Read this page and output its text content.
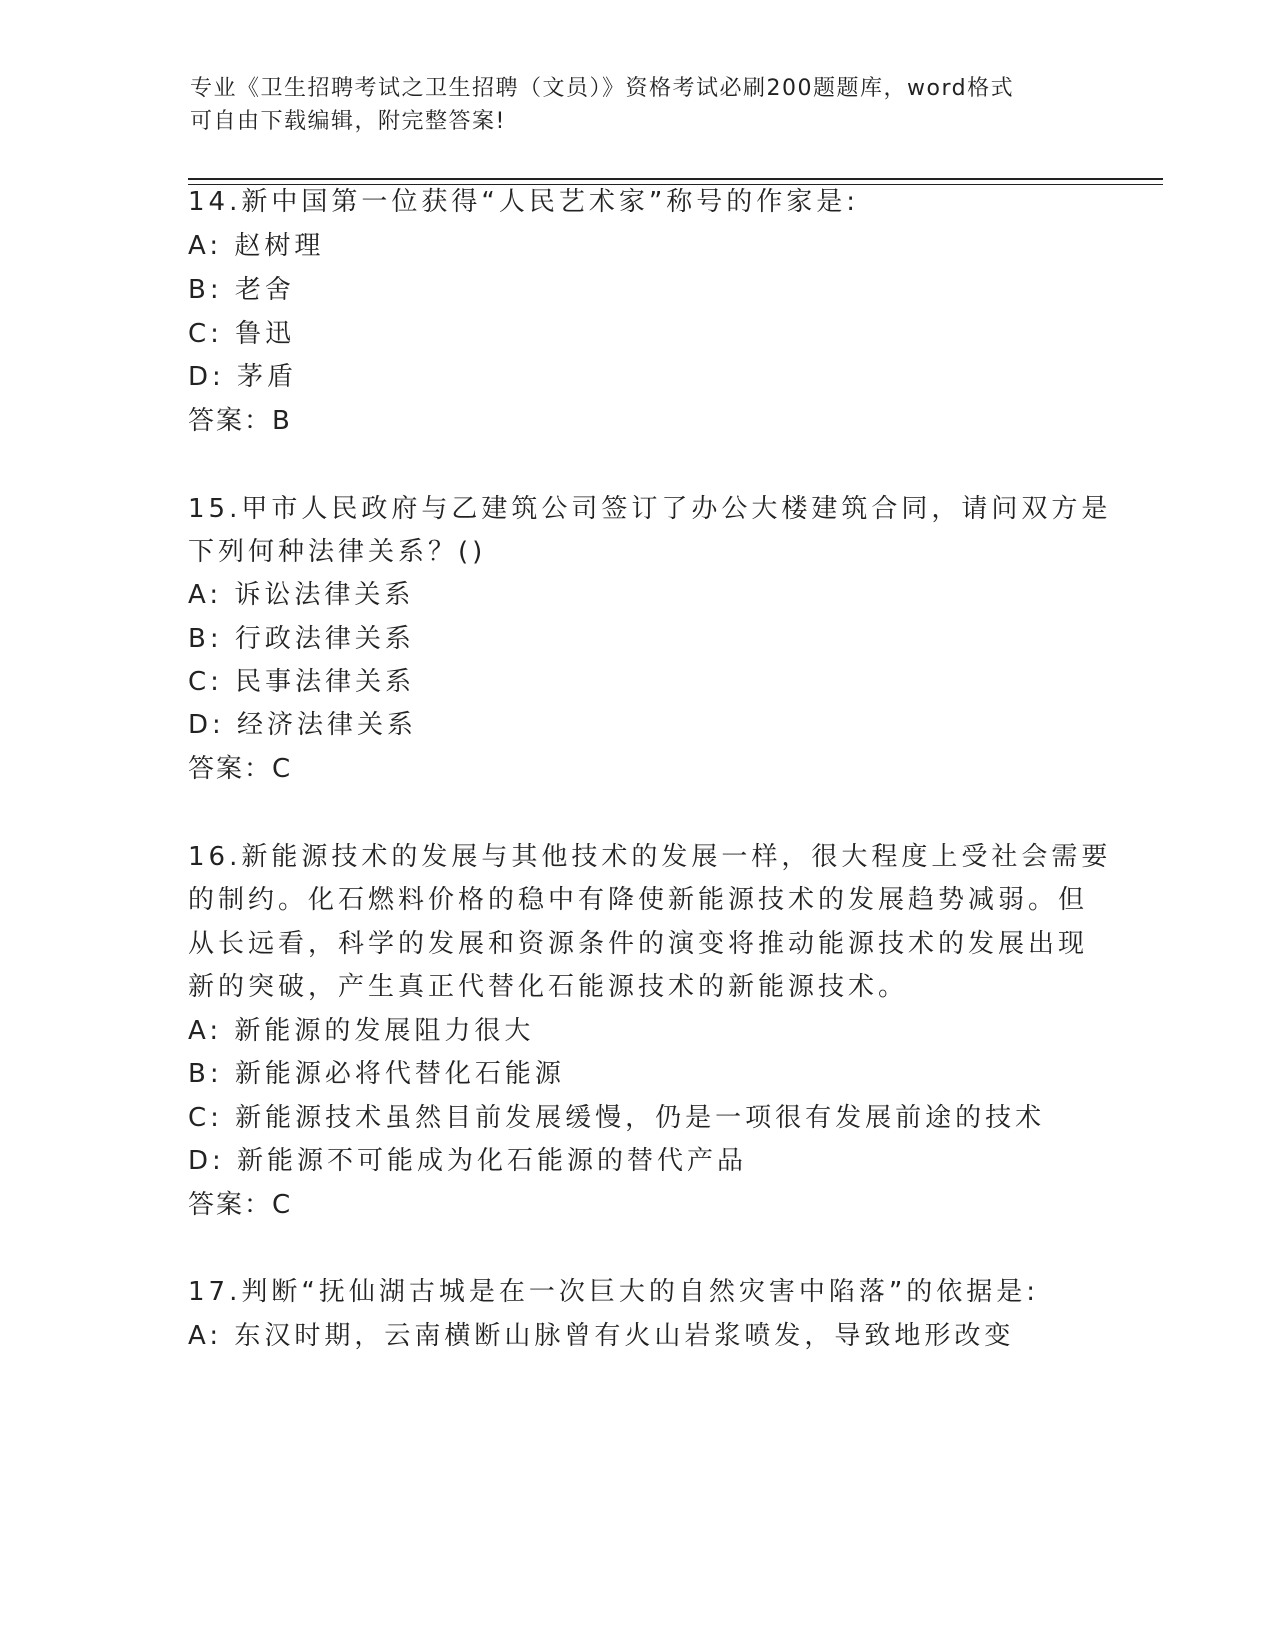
专业《卫生招聘考试之卫生招聘（文员）》资格考试必刷200题题库，word格式
可自由下载编辑，附完整答案!
14.新中国第一位获得“人民艺术家”称号的作家是:
A: 赵树理
B: 老舍
C: 鲁迅
D: 茅盾
答案：B
15.甲市人民政府与乙建筑公司签订了办公大楼建筑合同，请问双方是
下列何种法律关系？()
A: 诉讼法律关系
B: 行政法律关系
C: 民事法律关系
D: 经济法律关系
答案：C
16.新能源技术的发展与其他技术的发展一样，很大程度上受社会需要
的制约。化石燃料价格的稳中有降使新能源技术的发展趋势减弱。但
从长远看，科学的发展和资源条件的演变将推动能源技术的发展出现
新的突破，产生真正代替化石能源技术的新能源技术。
A: 新能源的发展阻力很大
B: 新能源必将代替化石能源
C: 新能源技术虽然目前发展缓慢，仍是一项很有发展前途的技术
D: 新能源不可能成为化石能源的替代产品
答案：C
17.判断“抚仙湖古城是在一次巨大的自然灾害中陷落”的依据是:
A: 东汉时期，云南横断山脉曾有火山岩浆喷发，导致地形改变
